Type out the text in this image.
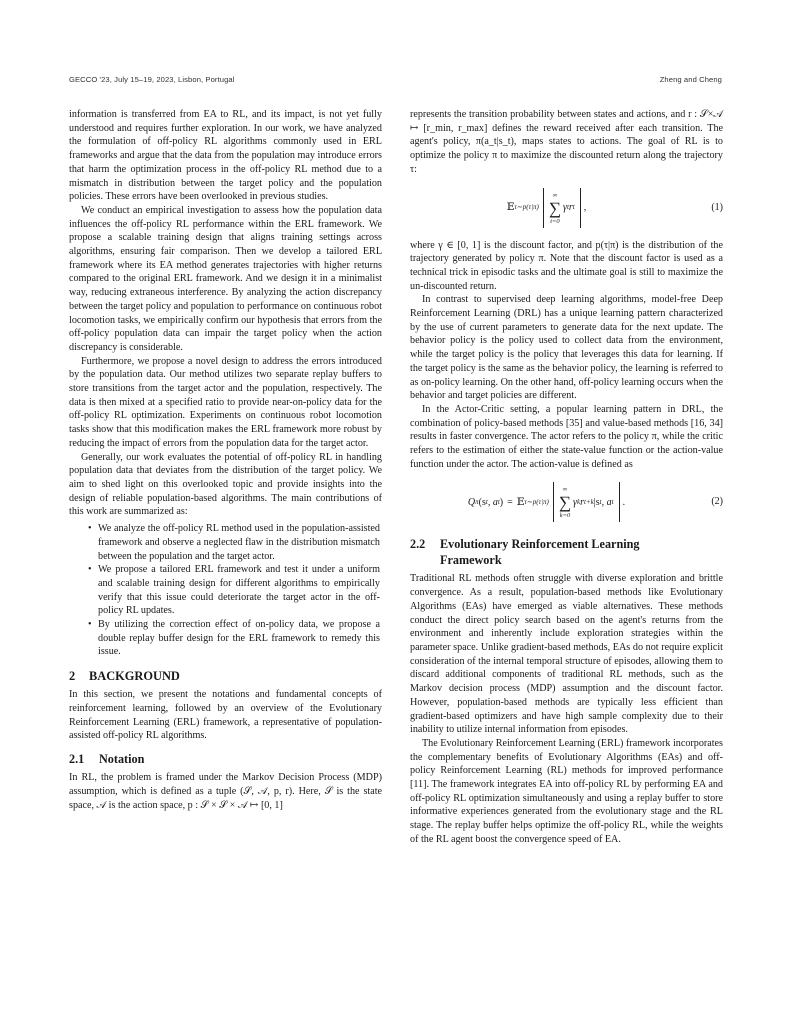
GECCO '23, July 15–19, 2023, Lisbon, Portugal	Zheng and Cheng

information is transferred from EA to RL, and its impact, is not yet fully understood and requires further exploration. In our work, we have analyzed the formulation of off-policy RL algorithms commonly used in ERL frameworks and argue that the data from the population may introduce errors that harm the optimization process in the off-policy RL method due to a mismatch in distribution between the target policy and the population policies. These errors have been overlooked in previous studies.

We conduct an empirical investigation to assess how the population data influences the off-policy RL performance within the ERL framework. We propose a scalable training design that aligns training settings across algorithms, ensuring fair comparison. Then we develop a tailored ERL framework where its EA method generates trajectories with higher returns compared to the original ERL framework. And we design it in a minimalist way, reducing extraneous interference. By analyzing the action discrepancy between the target policy and population to performance on continuous robot locomotion tasks, we empirically confirm our hypothesis that errors from the off-policy population data can impair the target policy when the action discrepancy is considerable.

Furthermore, we propose a novel design to address the errors introduced by the population data. Our method utilizes two separate replay buffers to store transitions from the target actor and the population, respectively. The data is then mixed at a specified ratio to provide near-on-policy data for the off-policy RL optimization. Experiments on continuous robot locomotion tasks show that this modification makes the ERL framework more robust by reducing the impact of errors from the population data for the target actor.

Generally, our work evaluates the potential of off-policy RL in handling population data that deviates from the distribution of the target policy. We aim to shed light on this overlooked topic and provide insights into the design of reliable population-based algorithms. The main contributions of this work are summarized as:

• We analyze the off-policy RL method used in the population-assisted framework and observe a neglected flaw in the distribution mismatch between the population and the target actor.
• We propose a tailored ERL framework and test it under a uniform and scalable training design for different algorithms to empirically verify that this issue could deteriorate the target actor in the off-policy RL updates.
• By utilizing the correction effect of on-policy data, we propose a double replay buffer design for the ERL framework to remedy this issue.
2 BACKGROUND

In this section, we present the notations and fundamental concepts of reinforcement learning, followed by an overview of the Evolutionary Reinforcement Learning (ERL) framework, a representative of population-assisted off-policy RL algorithms.

2.1 Notation

In RL, the problem is framed under the Markov Decision Process (MDP) assumption, which is defined as a tuple (𝒮, 𝒜, p, r). Here, 𝒮 is the state space, 𝒜 is the action space, p : 𝒮 × 𝒮 × 𝒜 ↦ [0, 1]

represents the transition probability between states and actions, and r : 𝒮×𝒜 ↦ [r_min, r_max] defines the reward received after each transition. The agent's policy, π(a_t|s_t), maps states to actions. The goal of RL is to optimize the policy π to maximize the discounted return along the trajectory τ:

𝔼 τ∼p(τ|π)
∞
∑
t=0
γ t r t ,	(1)

where γ ∈ [0, 1] is the discount factor, and p(τ|π) is the distribution of the trajectory generated by policy π. Note that the discount factor is used as a technical trick in episodic tasks and the ultimate goal is still to maximize the un-discounted return.

In contrast to supervised deep learning algorithms, model-free Deep Reinforcement Learning (DRL) has a unique learning pattern characterized by the use of current parameters to generate data for the next update. The behavior policy is the policy used to collect data from the environment, while the target policy is the policy that leverages this data for learning. If the target policy is the same as the behavior policy, the learning is referred to as on-policy learning. On the other hand, off-policy learning occurs when the behavior and target policies are different.

In the Actor-Critic setting, a popular learning pattern in DRL, the combination of policy-based methods [35] and value-based methods [16, 34] results in faster convergence. The actor refers to the policy π, while the critic refers to the estimation of either the state-value function or the action-value function under the actor. The action-value is defined as

Q π (s t , a t ) = 𝔼 τ∼p(τ|π)
∞
∑
k=0
γ k r t+k |s t , a t .	(2)
2.2 Evolutionary Reinforcement Learning
Framework

Traditional RL methods often struggle with diverse exploration and brittle convergence. As a result, population-based methods like Evolutionary Algorithms (EAs) have emerged as viable alternatives. These methods conduct the direct policy search based on the agent's returns from the environment and inherently include exploration strategies within the parameter space. Unlike gradient-based methods, EAs do not require explicit consideration of the internal temporal structure of episodes, allowing them to discard additional components of traditional RL methods, such as the Markov decision process (MDP) assumption and the discount factor. However, population-based methods are typically less efficient than gradient-based optimizers and have high sample complexity due to their inability to utilize internal information from episodes.

The Evolutionary Reinforcement Learning (ERL) framework incorporates the complementary benefits of Evolutionary Algorithms (EAs) and off-policy Reinforcement Learning (RL) methods for improved performance [11]. The framework integrates EA into off-policy RL by performing EA and off-policy RL optimization simultaneously and using a replay buffer to store informative experiences generated from the evolutionary stage and the RL stage. The replay buffer helps optimize the off-policy RL, while the weights of the RL agent boost the convergence speed of EA.
